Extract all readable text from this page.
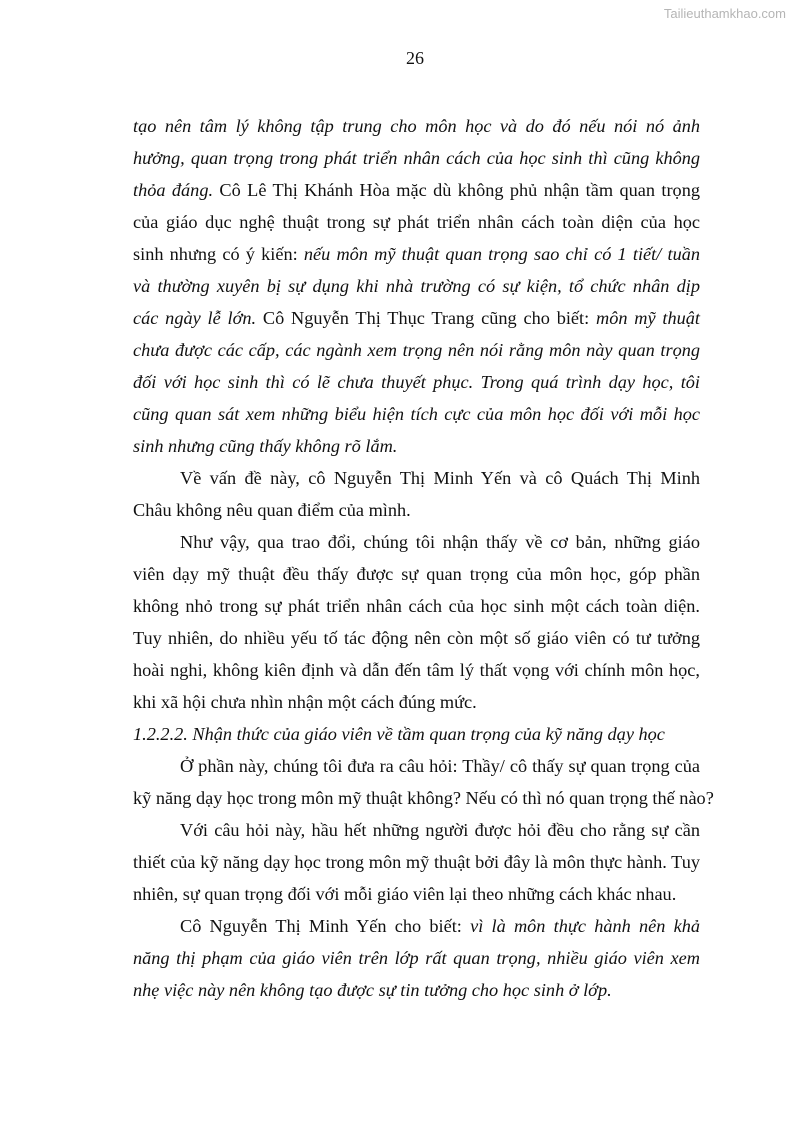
Tailieuthamkhao.com
26
tạo nên tâm lý không tập trung cho môn học và do đó nếu nói nó ảnh
hưởng, quan trọng trong phát triển nhân cách của học sinh thì cũng không
thỏa đáng. Cô Lê Thị Khánh Hòa mặc dù không phủ nhận tầm quan trọng
của giáo dục nghệ thuật trong sự phát triển nhân cách toàn diện của học
sinh nhưng có ý kiến: nếu môn mỹ thuật quan trọng sao chỉ có 1 tiết/ tuần
và thường xuyên bị sự dụng khi nhà trường có sự kiện, tổ chức nhân dịp
các ngày lễ lớn. Cô Nguyễn Thị Thục Trang cũng cho biết: môn mỹ thuật
chưa được các cấp, các ngành xem trọng nên nói rằng môn này quan trọng
đối với học sinh thì có lẽ chưa thuyết phục. Trong quá trình dạy học, tôi
cũng quan sát xem những biểu hiện tích cực của môn học đối với mỗi học
sinh nhưng cũng thấy không rõ lắm.
Về vấn đề này, cô Nguyễn Thị Minh Yến và cô Quách Thị Minh
Châu không nêu quan điểm của mình.
Như vậy, qua trao đổi, chúng tôi nhận thấy về cơ bản, những giáo
viên dạy mỹ thuật đều thấy được sự quan trọng của môn học, góp phần
không nhỏ trong sự phát triển nhân cách của học sinh một cách toàn diện.
Tuy nhiên, do nhiều yếu tố tác động nên còn một số giáo viên có tư tưởng
hoài nghi, không kiên định và dẫn đến tâm lý thất vọng với chính môn học,
khi xã hội chưa nhìn nhận một cách đúng mức.
1.2.2.2. Nhận thức của giáo viên về tầm quan trọng của kỹ năng dạy học
Ở phần này, chúng tôi đưa ra câu hỏi: Thầy/ cô thấy sự quan trọng của
kỹ năng dạy học trong môn mỹ thuật không? Nếu có thì nó quan trọng thế nào?
Với câu hỏi này, hầu hết những người được hỏi đều cho rằng sự cần
thiết của kỹ năng dạy học trong môn mỹ thuật bởi đây là môn thực hành. Tuy
nhiên, sự quan trọng đối với mỗi giáo viên lại theo những cách khác nhau.
Cô Nguyễn Thị Minh Yến cho biết: vì là môn thực hành nên khả
năng thị phạm của giáo viên trên lớp rất quan trọng, nhiều giáo viên xem
nhẹ việc này nên không tạo được sự tin tưởng cho học sinh ở lớp.
